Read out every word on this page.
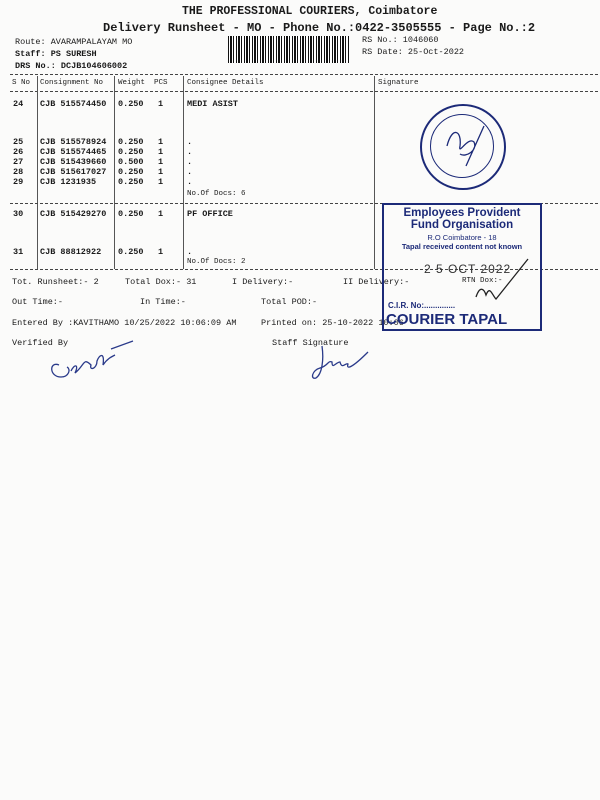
THE PROFESSIONAL COURIERS, Coimbatore
Delivery Runsheet - MO - Phone No.:0422-3505555 - Page No.:2
Route: AVARAMPALAYAM MO
Staff: PS SURESH
DRS No.: DCJB104606002
RS No.: 1046060
RS Date: 25-Oct-2022
S No Consignment No Weight PCS	Consignee Details	Signature
24 CJB 515574450 0.250 1	MEDI ASIST
25 CJB 515578924 0.250 1	.
26 CJB 515574465 0.250 1	.
27 CJB 515439660 0.500 1	.
28 CJB 515617027 0.250 1	.
29 CJB 1231935	0.250 1	.
30 CJB 515429270 0.250 1	PF OFFICE
31 CJB 88812922 0.250 1	.
No.Of Docs: 6
No.Of Docs: 2
Tot. Runsheet:- 2	Total Dox:- 31	I Delivery:-	II Delivery:-	RTN Dox:-
Out Time:-	In Time:-	Total POD:-
Entered By :KAVITHAMO 10/25/2022 10:06:09 AM	Printed on: 25-10-2022 10:06
Verified By	Staff Signature
Employees Provident
Fund Organisation
R.O Coimbatore - 18
Tapal received content not known
2 5 OCT 2022
C.I.R. No:..............
COURIER TAPAL
